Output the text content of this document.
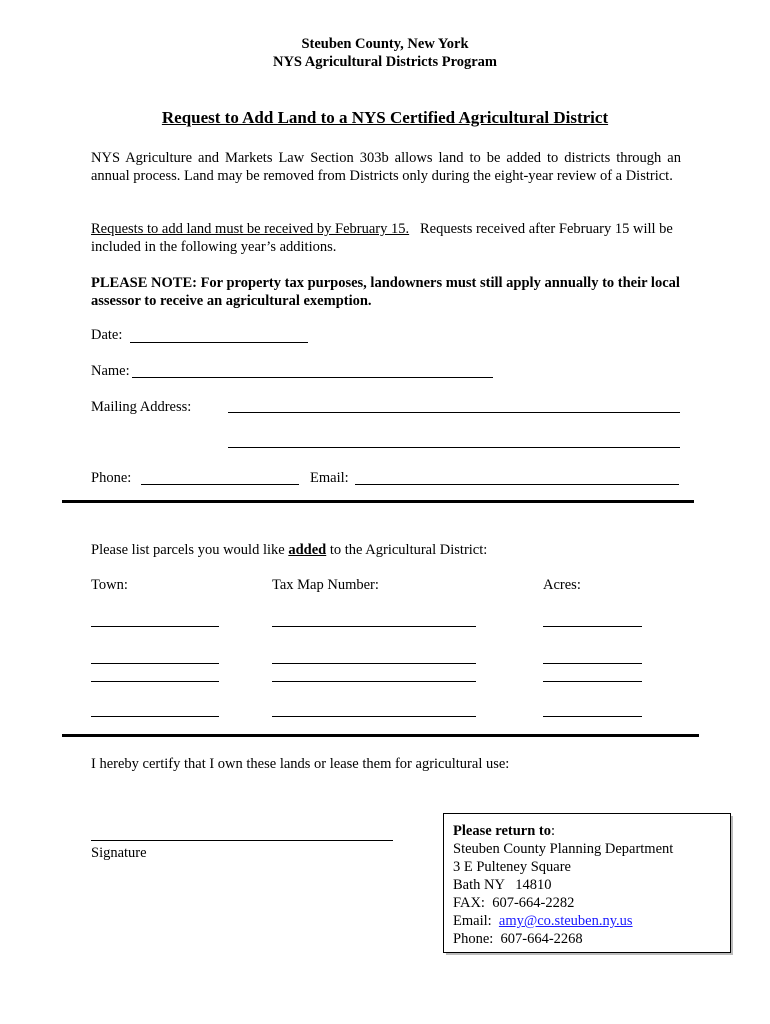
Steuben County, New York
NYS Agricultural Districts Program
Request to Add Land to a NYS Certified Agricultural District
NYS Agriculture and Markets Law Section 303b allows land to be added to districts through an annual process. Land may be removed from Districts only during the eight-year review of a District.
Requests to add land must be received by February 15. Requests received after February 15 will be included in the following year’s additions.
PLEASE NOTE: For property tax purposes, landowners must still apply annually to their local assessor to receive an agricultural exemption.
Date:
Name:
Mailing Address:
Phone:	Email:
Please list parcels you would like added to the Agricultural District:
Town:	Tax Map Number:	Acres:
I hereby certify that I own these lands or lease them for agricultural use:
Signature
Please return to:
Steuben County Planning Department
3 E Pulteney Square
Bath NY   14810
FAX:  607-664-2282
Email:  amy@co.steuben.ny.us
Phone:  607-664-2268
